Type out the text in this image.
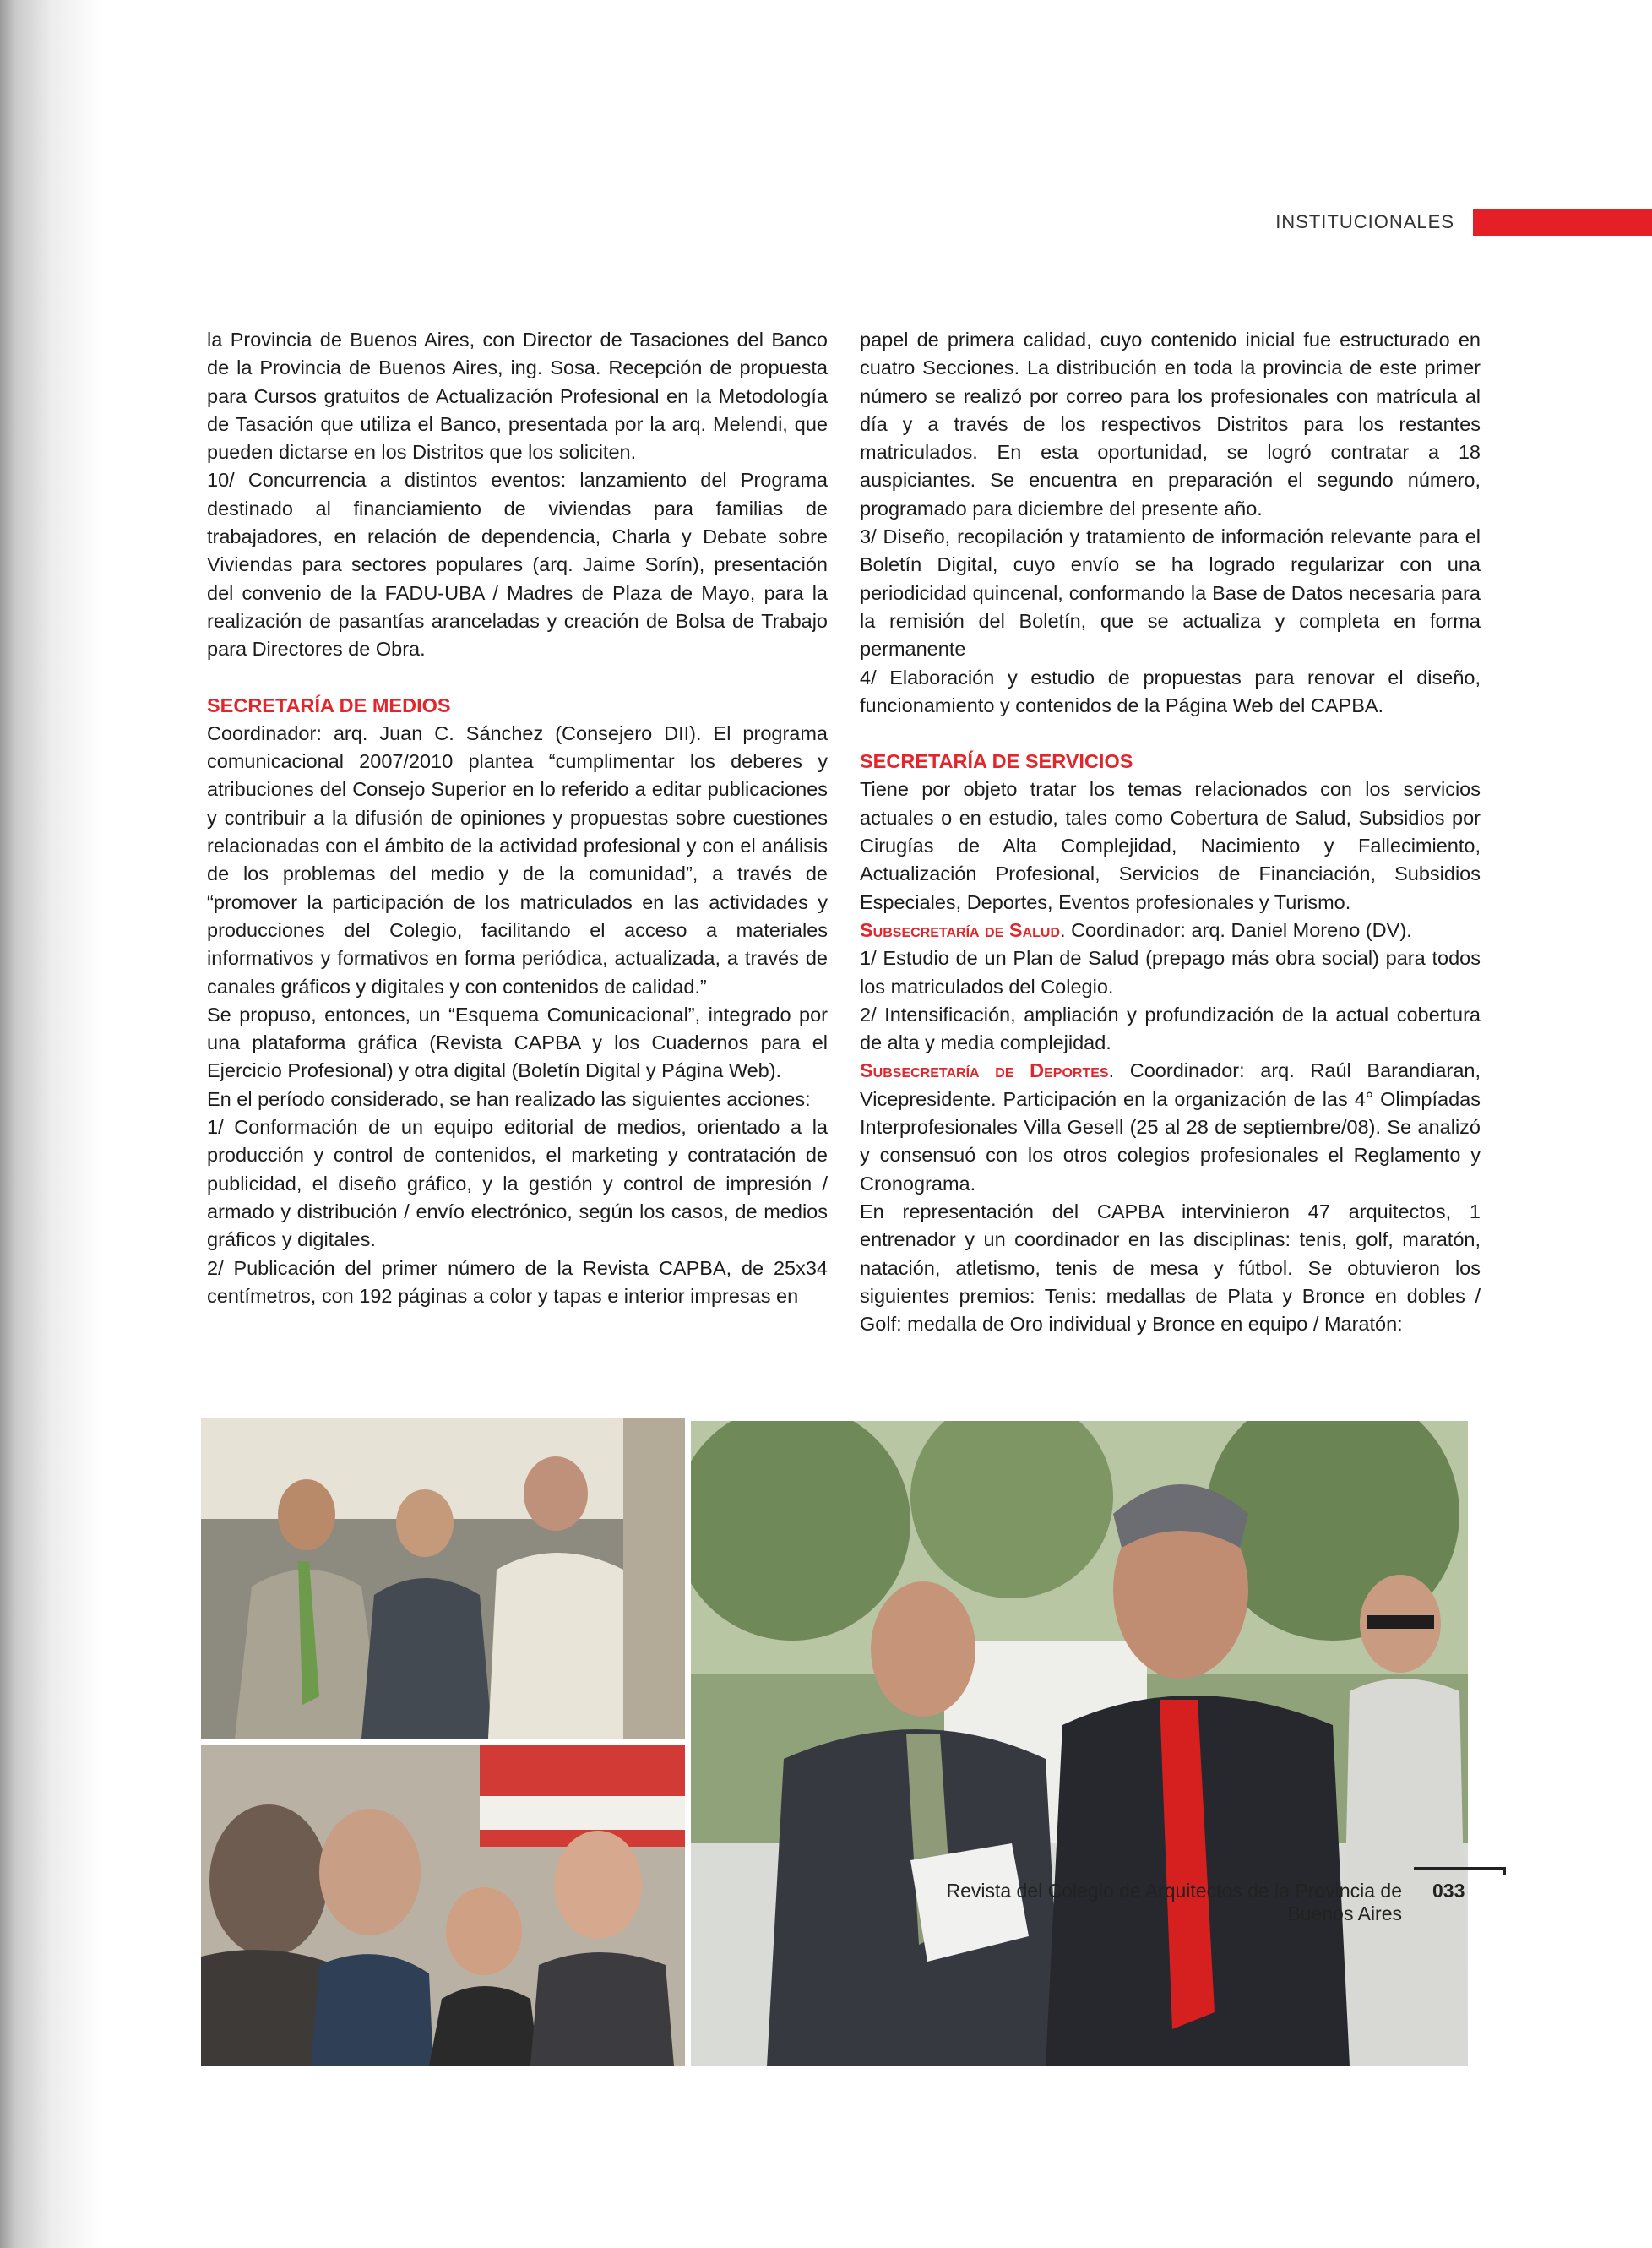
INSTITUCIONALES

la Provincia de Buenos Aires, con Director de Tasaciones del Banco de la Provincia de Buenos Aires, ing. Sosa. Recepción de propuesta para Cursos gratuitos de Actualización Profesional en la Metodología de Tasación que utiliza el Banco, presentada por la arq. Melendi, que pueden dictarse en los Distritos que los soliciten.

10/ Concurrencia a distintos eventos: lanzamiento del Programa destinado al financiamiento de viviendas para familias de trabajadores, en relación de dependencia, Charla y Debate sobre Viviendas para sectores populares (arq. Jaime Sorín), presentación del convenio de la FADU-UBA / Madres de Plaza de Mayo, para la realización de pasantías aranceladas y creación de Bolsa de Trabajo para Directores de Obra.

SECRETARÍA DE MEDIOS

Coordinador: arq. Juan C. Sánchez (Consejero DII). El programa comunicacional 2007/2010 plantea “cumplimentar los deberes y atribuciones del Consejo Superior en lo referido a editar publicaciones y contribuir a la difusión de opiniones y propuestas sobre cuestiones relacionadas con el ámbito de la actividad profesional y con el análisis de los problemas del medio y de la comunidad”, a través de “promover la participación de los matriculados en las actividades y producciones del Colegio, facilitando el acceso a materiales informativos y formativos en forma periódica, actualizada, a través de canales gráficos y digitales y con contenidos de calidad.”

Se propuso, entonces, un “Esquema Comunicacional”, integrado por una plataforma gráfica (Revista CAPBA y los Cuadernos para el Ejercicio Profesional) y otra digital (Boletín Digital y Página Web).

En el período considerado, se han realizado las siguientes acciones:

1/ Conformación de un equipo editorial de medios, orientado a la producción y control de contenidos, el marketing y contratación de publicidad, el diseño gráfico, y la gestión y control de impresión / armado y distribución / envío electrónico, según los casos, de medios gráficos y digitales.

2/ Publicación del primer número de la Revista CAPBA, de 25x34 centímetros, con 192 páginas a color y tapas e interior impresas en

papel de primera calidad, cuyo contenido inicial fue estructurado en cuatro Secciones. La distribución en toda la provincia de este primer número se realizó por correo para los profesionales con matrícula al día y a través de los respectivos Distritos para los restantes matriculados. En esta oportunidad, se logró contratar a 18 auspiciantes. Se encuentra en preparación el segundo número, programado para diciembre del presente año.

3/ Diseño, recopilación y tratamiento de información relevante para el Boletín Digital, cuyo envío se ha logrado regularizar con una periodicidad quincenal, conformando la Base de Datos necesaria para la remisión del Boletín, que se actualiza y completa en forma permanente

4/ Elaboración y estudio de propuestas para renovar el diseño, funcionamiento y contenidos de la Página Web del CAPBA.

SECRETARÍA DE SERVICIOS

Tiene por objeto tratar los temas relacionados con los servicios actuales o en estudio, tales como Cobertura de Salud, Subsidios por Cirugías de Alta Complejidad, Nacimiento y Fallecimiento, Actualización Profesional, Servicios de Financiación, Subsidios Especiales, Deportes, Eventos profesionales y Turismo.

Subsecretaría de Salud. Coordinador: arq. Daniel Moreno (DV).

1/ Estudio de un Plan de Salud (prepago más obra social) para todos los matriculados del Colegio.

2/ Intensificación, ampliación y profundización de la actual cobertura de alta y media complejidad.

Subsecretaría de Deportes. Coordinador: arq. Raúl Barandiaran, Vicepresidente. Participación en la organización de las 4° Olimpíadas Interprofesionales Villa Gesell (25 al 28 de septiembre/08). Se analizó y consensuó con los otros colegios profesionales el Reglamento y Cronograma.

En representación del CAPBA intervinieron 47 arquitectos, 1 entrenador y un coordinador en las disciplinas: tenis, golf, maratón, natación, atletismo, tenis de mesa y fútbol. Se obtuvieron los siguientes premios: Tenis: medallas de Plata y Bronce en dobles / Golf: medalla de Oro individual y Bronce en equipo / Maratón:

Revista del Colegio de Arquitectos de la Provincia de Buenos Aires
033
